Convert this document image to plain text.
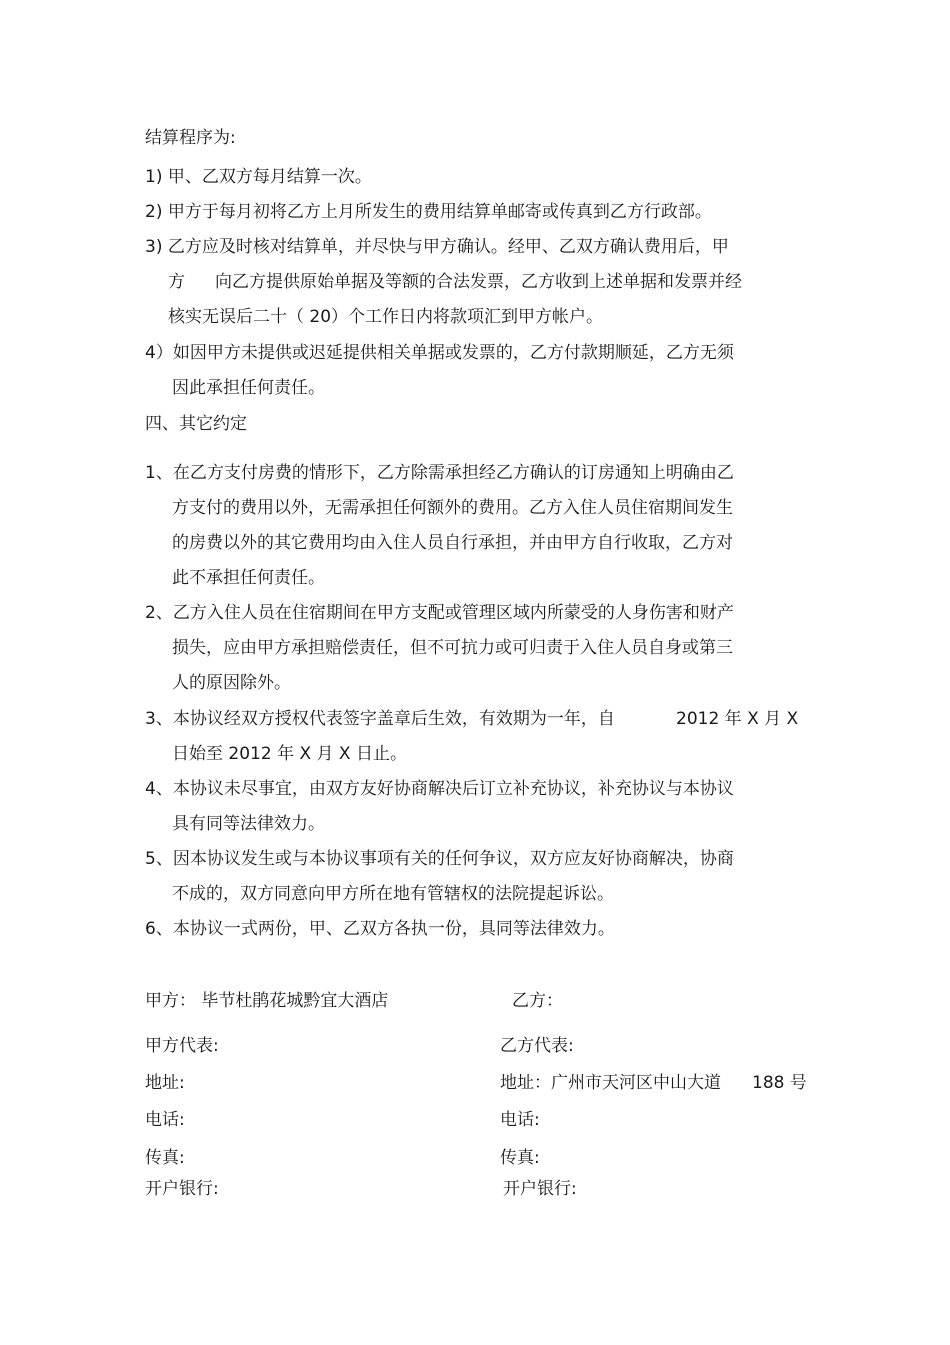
结算程序为:
1) 甲、乙双方每月结算一次。
2) 甲方于每月初将乙方上月所发生的费用结算单邮寄或传真到乙方行政部。
3) 乙方应及时核对结算单，并尽快与甲方确认。经甲、乙双方确认费用后，甲
方 向乙方提供原始单据及等额的合法发票，乙方收到上述单据和发票并经
核实无误后二十（ 20）个工作日内将款项汇到甲方帐户。
4）如因甲方未提供或迟延提供相关单据或发票的，乙方付款期顺延，乙方无须
因此承担任何责任。
四、其它约定
1、在乙方支付房费的情形下，乙方除需承担经乙方确认的订房通知上明确由乙
方支付的费用以外，无需承担任何额外的费用。乙方入住人员住宿期间发生
的房费以外的其它费用均由入住人员自行承担，并由甲方自行收取，乙方对
此不承担任何责任。
2、乙方入住人员在住宿期间在甲方支配或管理区域内所蒙受的人身伤害和财产
损失，应由甲方承担赔偿责任，但不可抗力或可归责于入住人员自身或第三
人的原因除外。
3、本协议经双方授权代表签字盖章后生效，有效期为一年，自	2012 年 X 月 X
日始至 2012 年 X 月 X 日止。
4、本协议未尽事宜，由双方友好协商解决后订立补充协议，补充协议与本协议
具有同等法律效力。
5、因本协议发生或与本协议事项有关的任何争议，双方应友好协商解决，协商
不成的，双方同意向甲方所在地有管辖权的法院提起诉讼。
6、本协议一式两份，甲、乙双方各执一份，具同等法律效力。
甲方： 毕节杜鹃花城黔宜大酒店
甲方代表:
地址:
电话:
传真:
开户银行:
乙方：
乙方代表:
地址：广州市天河区中山大道 188 号
电话:
传真:
开户银行:
